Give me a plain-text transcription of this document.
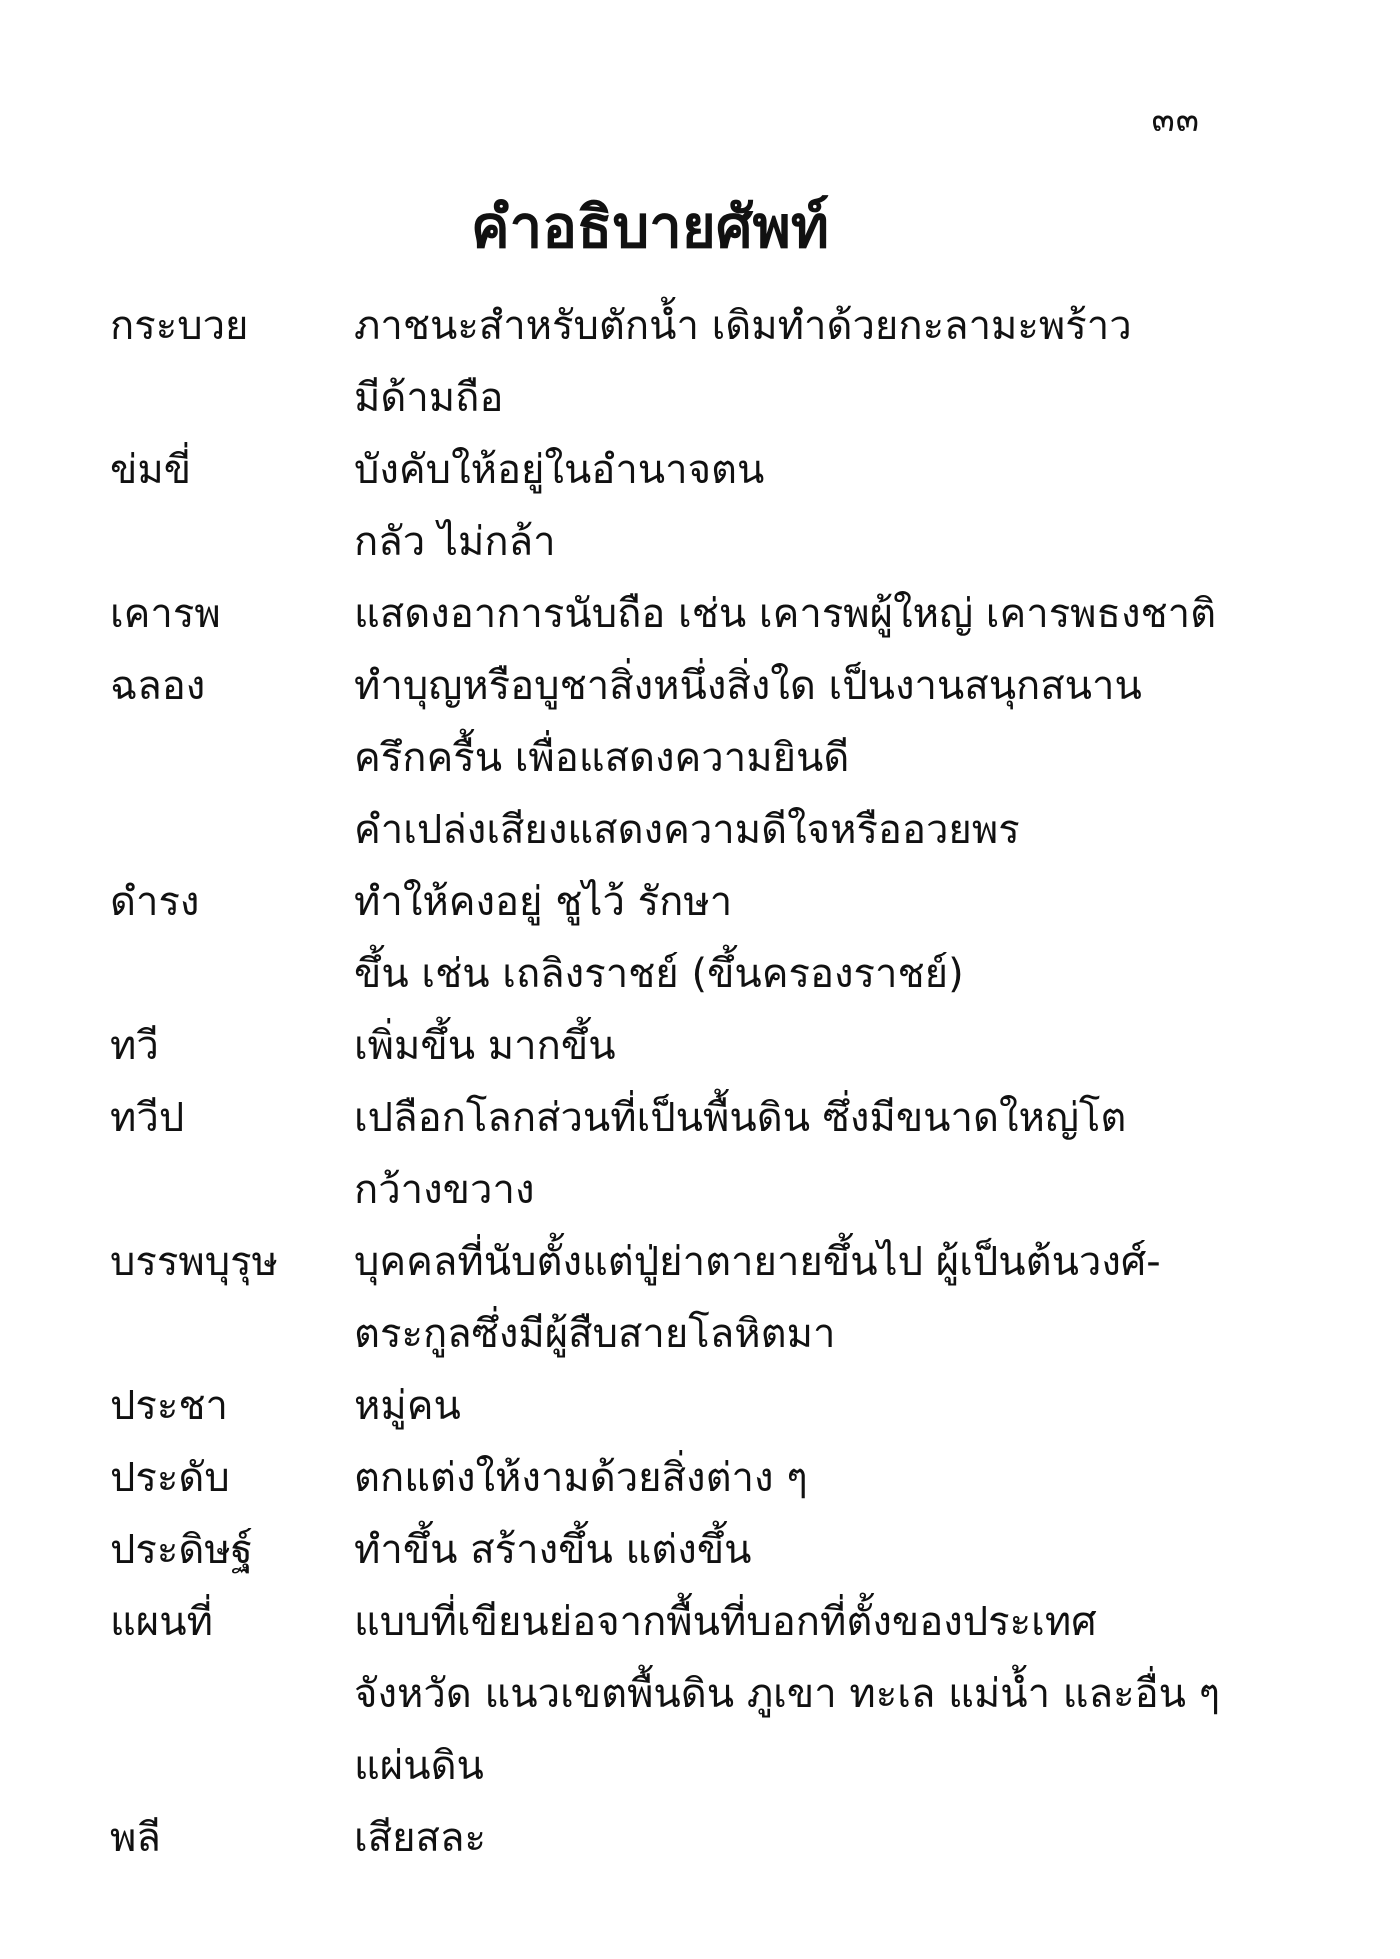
๓๓
คำอธิบายศัพท์
กระบวย	ภาชนะสำหรับตักน้ำ เดิมทำด้วยกะลามะพร้าว
มีด้ามถือ
ข่มขี่	บังคับให้อยู่ในอำนาจตน
กลัว ไม่กล้า
เคารพ	แสดงอาการนับถือ เช่น เคารพผู้ใหญ่ เคารพธงชาติ
ฉลอง	ทำบุญหรือบูชาสิ่งหนึ่งสิ่งใด เป็นงานสนุกสนาน
ครึกครื้น เพื่อแสดงความยินดี
คำเปล่งเสียงแสดงความดีใจหรืออวยพร
ดำรง	ทำให้คงอยู่ ชูไว้ รักษา
ขึ้น เช่น เถลิงราชย์ (ขึ้นครองราชย์)
ทวี	เพิ่มขึ้น มากขึ้น
ทวีป	เปลือกโลกส่วนที่เป็นพื้นดิน ซึ่งมีขนาดใหญ่โต
กว้างขวาง
บรรพบุรุษ	บุคคลที่นับตั้งแต่ปู่ย่าตายายขึ้นไป ผู้เป็นต้นวงศ์-
ตระกูลซึ่งมีผู้สืบสายโลหิตมา
ประชา	หมู่คน
ประดับ	ตกแต่งให้งามด้วยสิ่งต่าง ๆ
ประดิษฐ์	ทำขึ้น สร้างขึ้น แต่งขึ้น
แผนที่	แบบที่เขียนย่อจากพื้นที่บอกที่ตั้งของประเทศ
จังหวัด แนวเขตพื้นดิน ภูเขา ทะเล แม่น้ำ และอื่น ๆ
แผ่นดิน
พลี	เสียสละ
